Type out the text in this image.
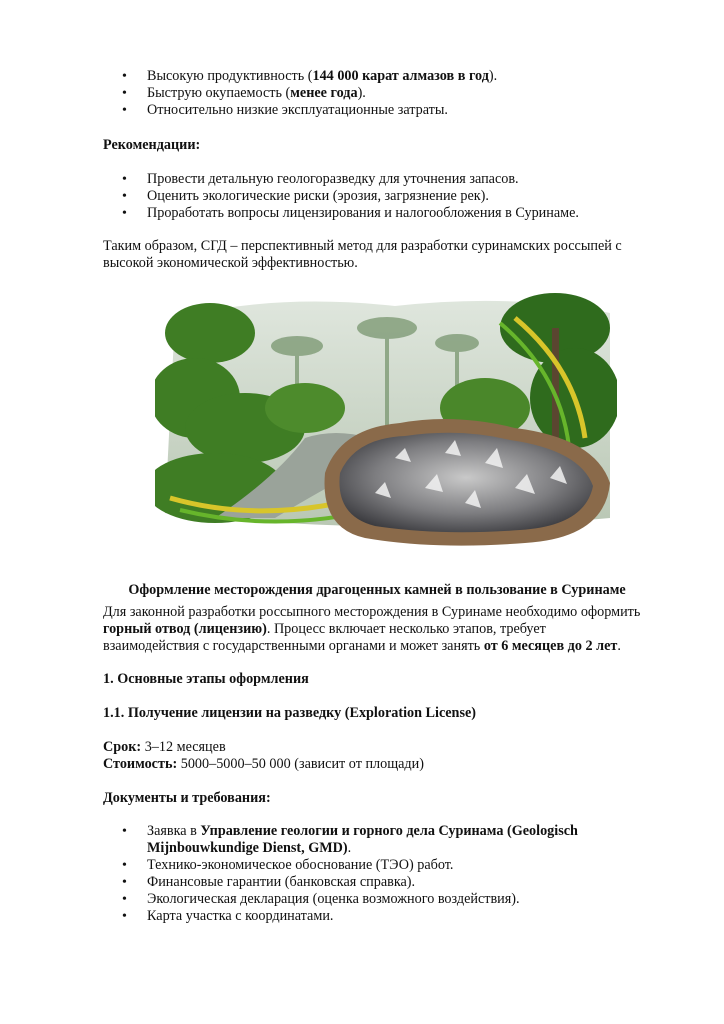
• Высокую продуктивность (144 000 карат алмазов в год).
• Быструю окупаемость (менее года).
• Относительно низкие эксплуатационные затраты.

Рекомендации:

• Провести детальную геологоразведку для уточнения запасов.
• Оценить экологические риски (эрозия, загрязнение рек).
• Проработать вопросы лицензирования и налогообложения в Суринаме.

Таким образом, СГД – перспективный метод для разработки суринамских россыпей с высокой экономической эффективностью.

Оформление месторождения драгоценных камней в пользование в Суринаме

Для законной разработки россыпного месторождения в Суринаме необходимо оформить горный отвод (лицензию). Процесс включает несколько этапов, требует взаимодействия с государственными органами и может занять от 6 месяцев до 2 лет.

1. Основные этапы оформления

1.1. Получение лицензии на разведку (Exploration License)

Срок: 3–12 месяцев

Стоимость: 5000–5000–50 000 (зависит от площади)

Документы и требования:

• Заявка в Управление геологии и горного дела Суринама (Geologisch Mijnbouwkundige Dienst, GMD).
• Технико-экономическое обоснование (ТЭО) работ.
• Финансовые гарантии (банковская справка).
• Экологическая декларация (оценка возможного воздействия).
• Карта участка с координатами.
